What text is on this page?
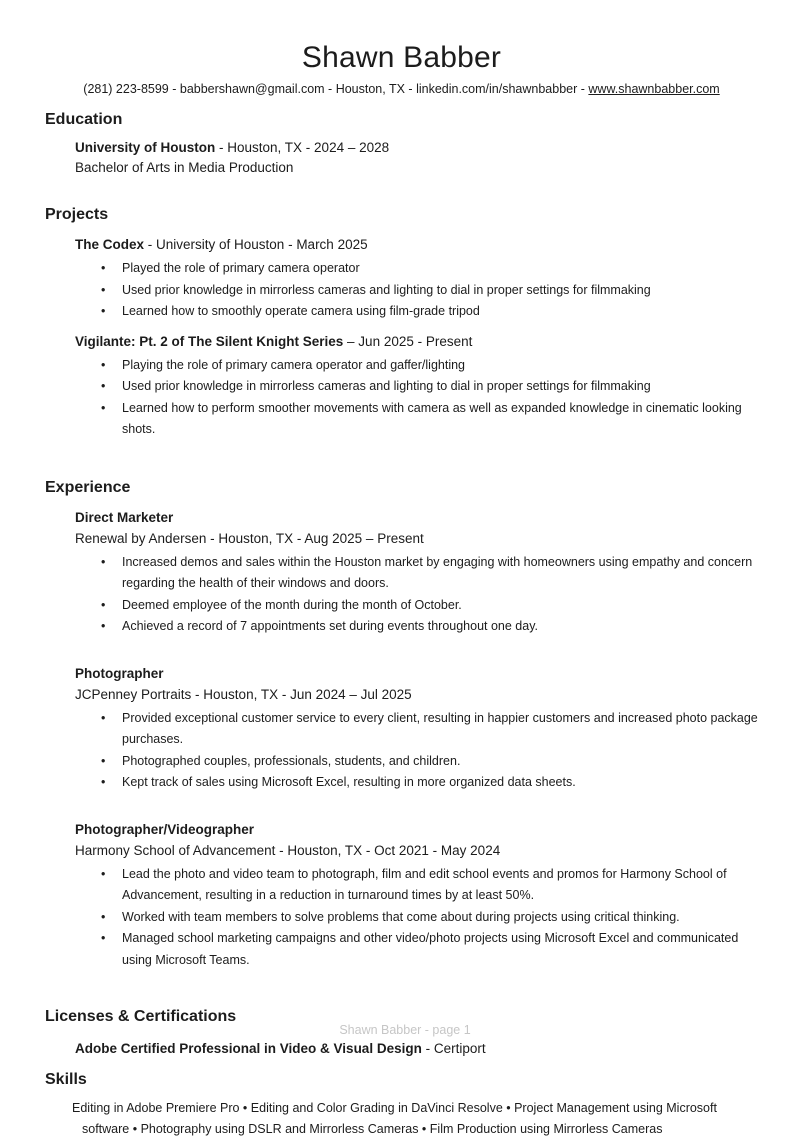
Shawn Babber
(281) 223-8599 - babbershawn@gmail.com - Houston, TX - linkedin.com/in/shawnbabber - www.shawnbabber.com
Education
University of Houston - Houston, TX - 2024 – 2028
Bachelor of Arts in Media Production
Projects
The Codex - University of Houston - March 2025
• Played the role of primary camera operator
• Used prior knowledge in mirrorless cameras and lighting to dial in proper settings for filmmaking
• Learned how to smoothly operate camera using film-grade tripod
Vigilante: Pt. 2 of The Silent Knight Series – Jun 2025 - Present
• Playing the role of primary camera operator and gaffer/lighting
• Used prior knowledge in mirrorless cameras and lighting to dial in proper settings for filmmaking
• Learned how to perform smoother movements with camera as well as expanded knowledge in cinematic looking shots.
Experience
Direct Marketer
Renewal by Andersen - Houston, TX - Aug 2025 – Present
• Increased demos and sales within the Houston market by engaging with homeowners using empathy and concern regarding the health of their windows and doors.
• Deemed employee of the month during the month of October.
• Achieved a record of 7 appointments set during events throughout one day.
Photographer
JCPenney Portraits - Houston, TX - Jun 2024 – Jul 2025
• Provided exceptional customer service to every client, resulting in happier customers and increased photo package purchases.
• Photographed couples, professionals, students, and children.
• Kept track of sales using Microsoft Excel, resulting in more organized data sheets.
Photographer/Videographer
Harmony School of Advancement - Houston, TX - Oct 2021 - May 2024
• Lead the photo and video team to photograph, film and edit school events and promos for Harmony School of Advancement, resulting in a reduction in turnaround times by at least 50%.
• Worked with team members to solve problems that come about during projects using critical thinking.
• Managed school marketing campaigns and other video/photo projects using Microsoft Excel and communicated using Microsoft Teams.
Licenses & Certifications
Adobe Certified Professional in Video & Visual Design - Certiport
Skills
Editing in Adobe Premiere Pro • Editing and Color Grading in DaVinci Resolve • Project Management using Microsoft software • Photography using DSLR and Mirrorless Cameras • Film Production using Mirrorless Cameras
Shawn Babber - page 1
